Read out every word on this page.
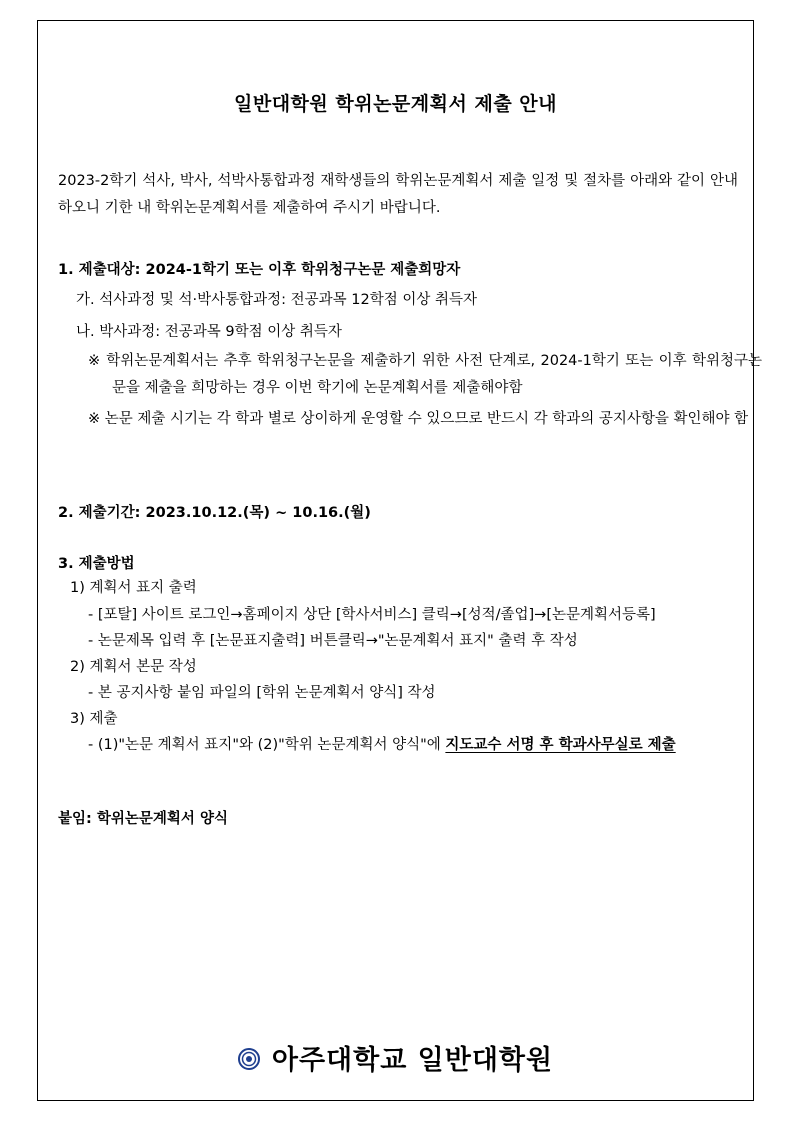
일반대학원 학위논문계획서 제출 안내
2023-2학기 석사, 박사, 석박사통합과정 재학생들의 학위논문계획서 제출 일정 및 절차를 아래와 같이 안내하오니 기한 내 학위논문계획서를 제출하여 주시기 바랍니다.
1. 제출대상: 2024-1학기 또는 이후 학위청구논문 제출희망자
가. 석사과정 및 석·박사통합과정: 전공과목 12학점 이상 취득자
나. 박사과정: 전공과목 9학점 이상 취득자
※ 학위논문계획서는 추후 학위청구논문을 제출하기 위한 사전 단계로, 2024-1학기 또는 이후 학위청구논문을 제출을 희망하는 경우 이번 학기에 논문계획서를 제출해야함
※ 논문 제출 시기는 각 학과 별로 상이하게 운영할 수 있으므로 반드시 각 학과의 공지사항을 확인해야 함
2. 제출기간: 2023.10.12.(목) ~ 10.16.(월)
3. 제출방법
1) 계획서 표지 출력
- [포탈] 사이트 로그인→홈페이지 상단 [학사서비스] 클릭→[성적/졸업]→[논문계획서등록]
- 논문제목 입력 후 [논문표지출력] 버튼클릭→"논문계획서 표지" 출력 후 작성
2) 계획서 본문 작성
- 본 공지사항 붙임 파일의 [학위 논문계획서 양식] 작성
3) 제출
- (1)"논문 계획서 표지"와 (2)"학위 논문계획서 양식"에 지도교수 서명 후 학과사무실로 제출
붙임: 학위논문계획서 양식
아주대학교 일반대학원
